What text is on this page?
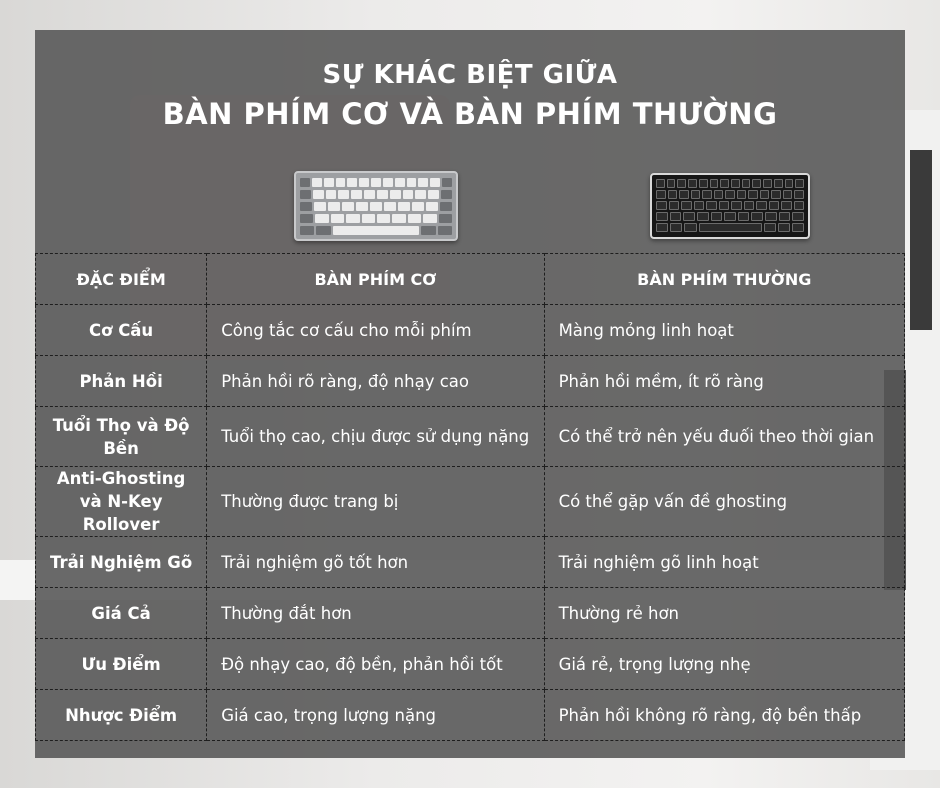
SỰ KHÁC BIỆT GIỮA
BÀN PHÍM CƠ VÀ BÀN PHÍM THƯỜNG
ĐẶC ĐIỂM	BÀN PHÍM CƠ	BÀN PHÍM THƯỜNG
Cơ Cấu	Công tắc cơ cấu cho mỗi phím	Màng mỏng linh hoạt
Phản Hồi	Phản hồi rõ ràng, độ nhạy cao	Phản hồi mềm, ít rõ ràng
Tuổi Thọ và Độ Bền	Tuổi thọ cao, chịu được sử dụng nặng	Có thể trở nên yếu đuối theo thời gian
Anti-Ghosting và N-Key Rollover	Thường được trang bị	Có thể gặp vấn đề ghosting
Trải Nghiệm Gõ	Trải nghiệm gõ tốt hơn	Trải nghiệm gõ linh hoạt
Giá Cả	Thường đắt hơn	Thường rẻ hơn
Ưu Điểm	Độ nhạy cao, độ bền, phản hồi tốt	Giá rẻ, trọng lượng nhẹ
Nhược Điểm	Giá cao, trọng lượng nặng	Phản hồi không rõ ràng, độ bền thấp
